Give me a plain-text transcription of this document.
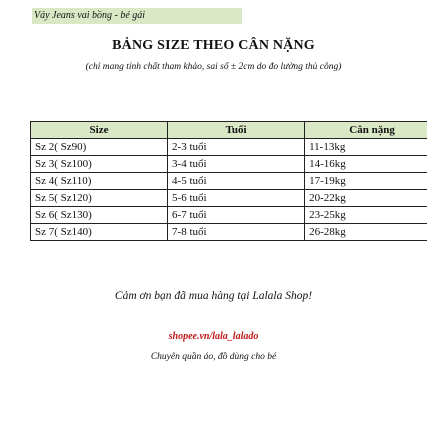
Váy Jeans vai bồng - bé gái
BẢNG SIZE THEO CÂN NẶNG
(chỉ mang tính chất tham khảo, sai số ± 2cm do đo lường thủ công)
Size	Tuổi	Cân nặng
Sz 2( Sz90)	2-3 tuổi	11-13kg
Sz 3( Sz100)	3-4 tuổi	14-16kg
Sz 4( Sz110)	4-5 tuổi	17-19kg
Sz 5( Sz120)	5-6 tuổi	20-22kg
Sz 6( Sz130)	6-7 tuổi	23-25kg
Sz 7( Sz140)	7-8 tuổi	26-28kg
Cảm ơn bạn đã mua hàng tại Lalala Shop!
shopee.vn/lala_lalado
Chuyên quần áo, đồ dùng cho bé
